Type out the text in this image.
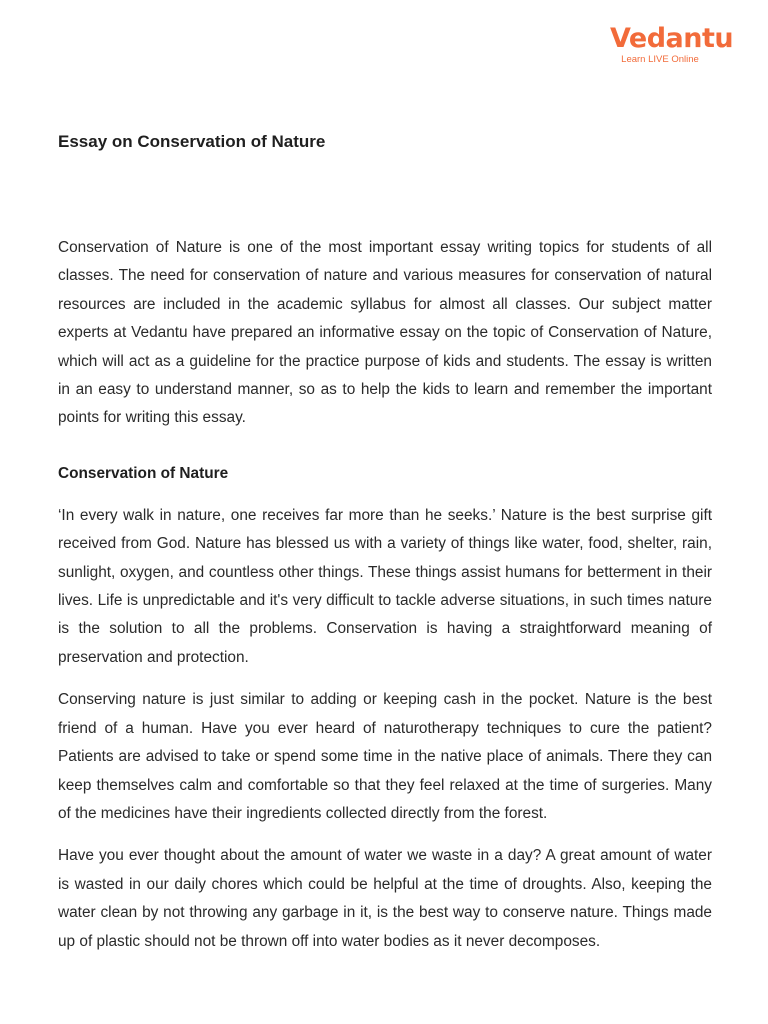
Vedantu
Learn LIVE Online
Essay on Conservation of Nature

Conservation of Nature is one of the most important essay writing topics for students of all classes. The need for conservation of nature and various measures for conservation of natural resources are included in the academic syllabus for almost all classes. Our subject matter experts at Vedantu have prepared an informative essay on the topic of Conservation of Nature, which will act as a guideline for the practice purpose of kids and students. The essay is written in an easy to understand manner, so as to help the kids to learn and remember the important points for writing this essay.

Conservation of Nature

‘In every walk in nature, one receives far more than he seeks.’ Nature is the best surprise gift received from God. Nature has blessed us with a variety of things like water, food, shelter, rain, sunlight, oxygen, and countless other things. These things assist humans for betterment in their lives. Life is unpredictable and it's very difficult to tackle adverse situations, in such times nature is the solution to all the problems. Conservation is having a straightforward meaning of preservation and protection.

Conserving nature is just similar to adding or keeping cash in the pocket. Nature is the best friend of a human. Have you ever heard of naturotherapy techniques to cure the patient? Patients are advised to take or spend some time in the native place of animals. There they can keep themselves calm and comfortable so that they feel relaxed at the time of surgeries. Many of the medicines have their ingredients collected directly from the forest.

Have you ever thought about the amount of water we waste in a day? A great amount of water is wasted in our daily chores which could be helpful at the time of droughts. Also, keeping the water clean by not throwing any garbage in it, is the best way to conserve nature. Things made up of plastic should not be thrown off into water bodies as it never decomposes.
